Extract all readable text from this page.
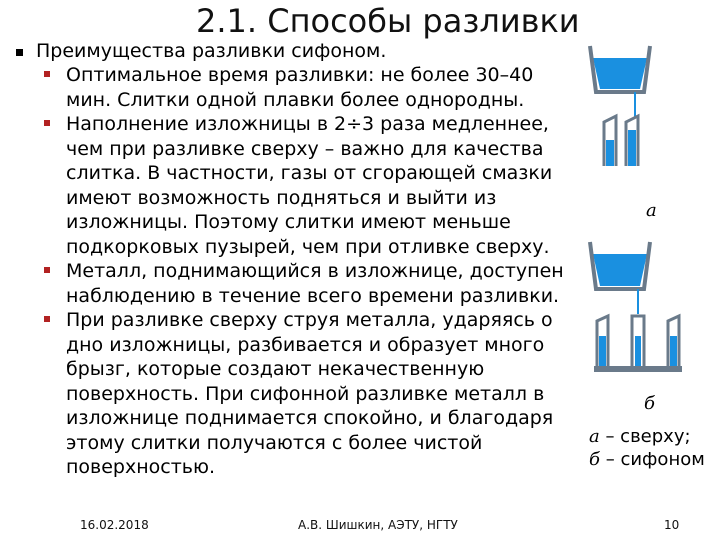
2.1. Способы разливки
Преимущества разливки сифоном.
Оптимальное время разливки: не более 30–40 мин. Слитки одной плавки более однородны.
Наполнение изложницы в 2÷3 раза медленнее, чем при разливке сверху – важно для качества слитка. В частности, газы от сгорающей смазки имеют возможность подняться и выйти из изложницы. Поэтому слитки имеют меньше подкорковых пузырей, чем при отливке сверху.
Металл, поднимающийся в изложнице, доступен наблюдению в течение всего времени разливки.
При разливке сверху струя металла, ударяясь о дно изложницы, разбивается и образует много брызг, которые создают некачественную поверхность. При сифонной разливке металл в изложнице поднимается спокойно, и благодаря этому слитки получаются с более чистой поверхностью.
а
б
а – сверху;
б – сифоном
16.02.2018	А.В. Шишкин, АЭТУ, НГТУ	10
